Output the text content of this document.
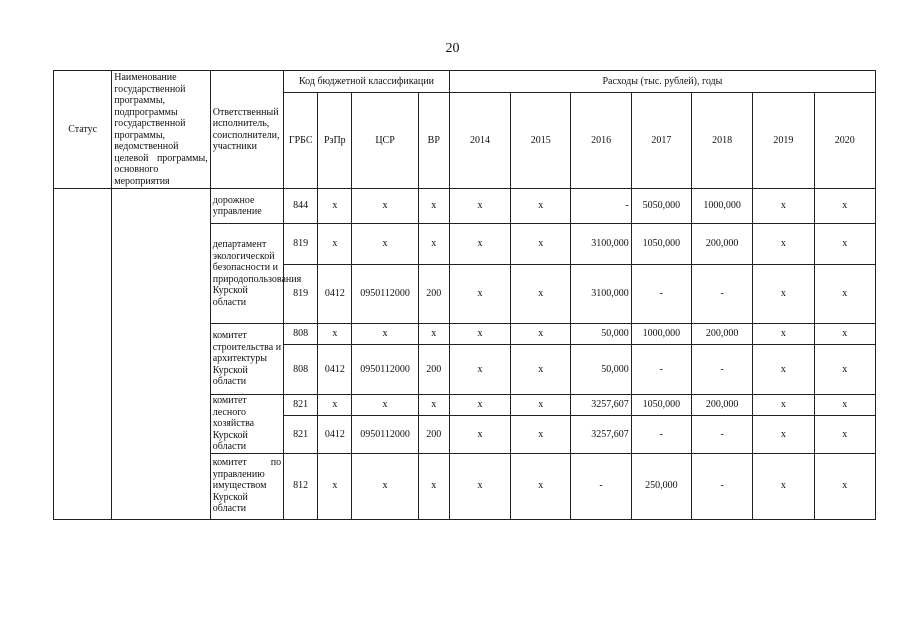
20
Статус	Наименование государственной программы, подпрограммы государственной программы, ведомственной целевой программы, основного мероприятия	Ответственный исполнитель, соисполнители, участники	Код бюджетной классификации				Расходы (тыс. рублей), годы						
			ГРБС	РзПр	ЦСР	ВР	2014	2015	2016	2017	2018	2019	2020
		дорожное управление	844	x	x	x	x	x	-	5050,000	1000,000	x	x
		департамент экологической безопасности и природопользования Курской области	819	x	x	x	x	x	3100,000	1050,000	200,000	x	x
			819	0412	0950112000	200	x	x	3100,000	-	-	x	x
		комитет строительства и архитектуры Курской области	808	x	x	x	x	x	50,000	1000,000	200,000	x	x
			808	0412	0950112000	200	x	x	50,000	-	-	x	x
		комитет лесного хозяйства Курской области	821	x	x	x	x	x	3257,607	1050,000	200,000	x	x
			821	0412	0950112000	200	x	x	3257,607	-	-	x	x
		комитет по управлению имуществом Курской области	812	x	x	x	x	x	-	250,000	-	x	x
